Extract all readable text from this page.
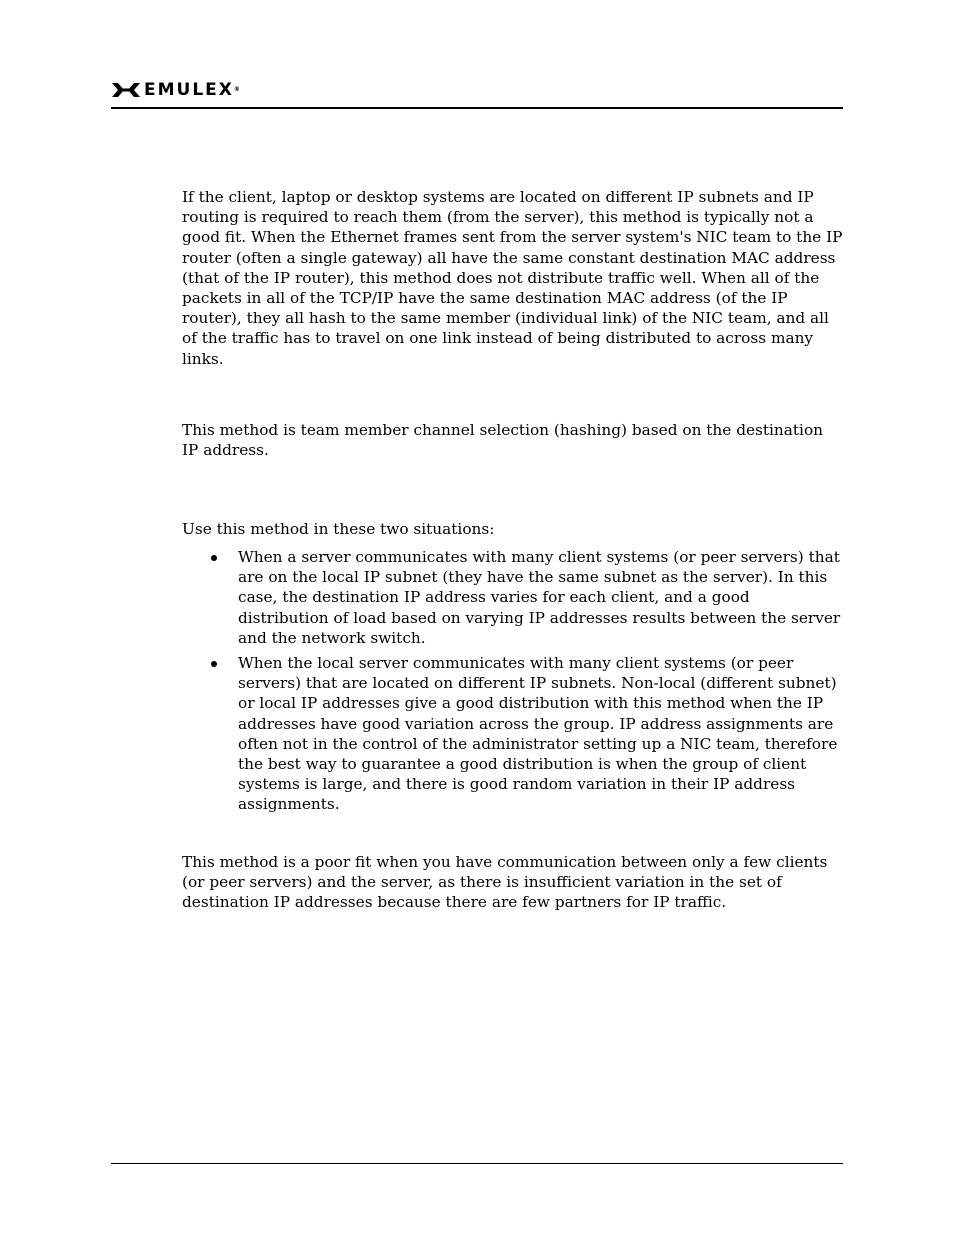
EMULEX®

If the client, laptop or desktop systems are located on different IP subnets and IP routing is required to reach them (from the server), this method is typically not a good fit. When the Ethernet frames sent from the server system's NIC team to the IP router (often a single gateway) all have the same constant destination MAC address (that of the IP router), this method does not distribute traffic well. When all of the packets in all of the TCP/IP have the same destination MAC address (of the IP router), they all hash to the same member (individual link) of the NIC team, and all of the traffic has to travel on one link instead of being distributed to across many links.

This method is team member channel selection (hashing) based on the destination IP address.

Use this method in these two situations:

When a server communicates with many client systems (or peer servers) that are on the local IP subnet (they have the same subnet as the server). In this case, the destination IP address varies for each client, and a good distribution of load based on varying IP addresses results between the server and the network switch.
When the local server communicates with many client systems (or peer servers) that are located on different IP subnets. Non-local (different subnet) or local IP addresses give a good distribution with this method when the IP addresses have good variation across the group. IP address assignments are often not in the control of the administrator setting up a NIC team, therefore the best way to guarantee a good distribution is when the group of client systems is large, and there is good random variation in their IP address assignments.

This method is a poor fit when you have communication between only a few clients (or peer servers) and the server, as there is insufficient variation in the set of destination IP addresses because there are few partners for IP traffic.
